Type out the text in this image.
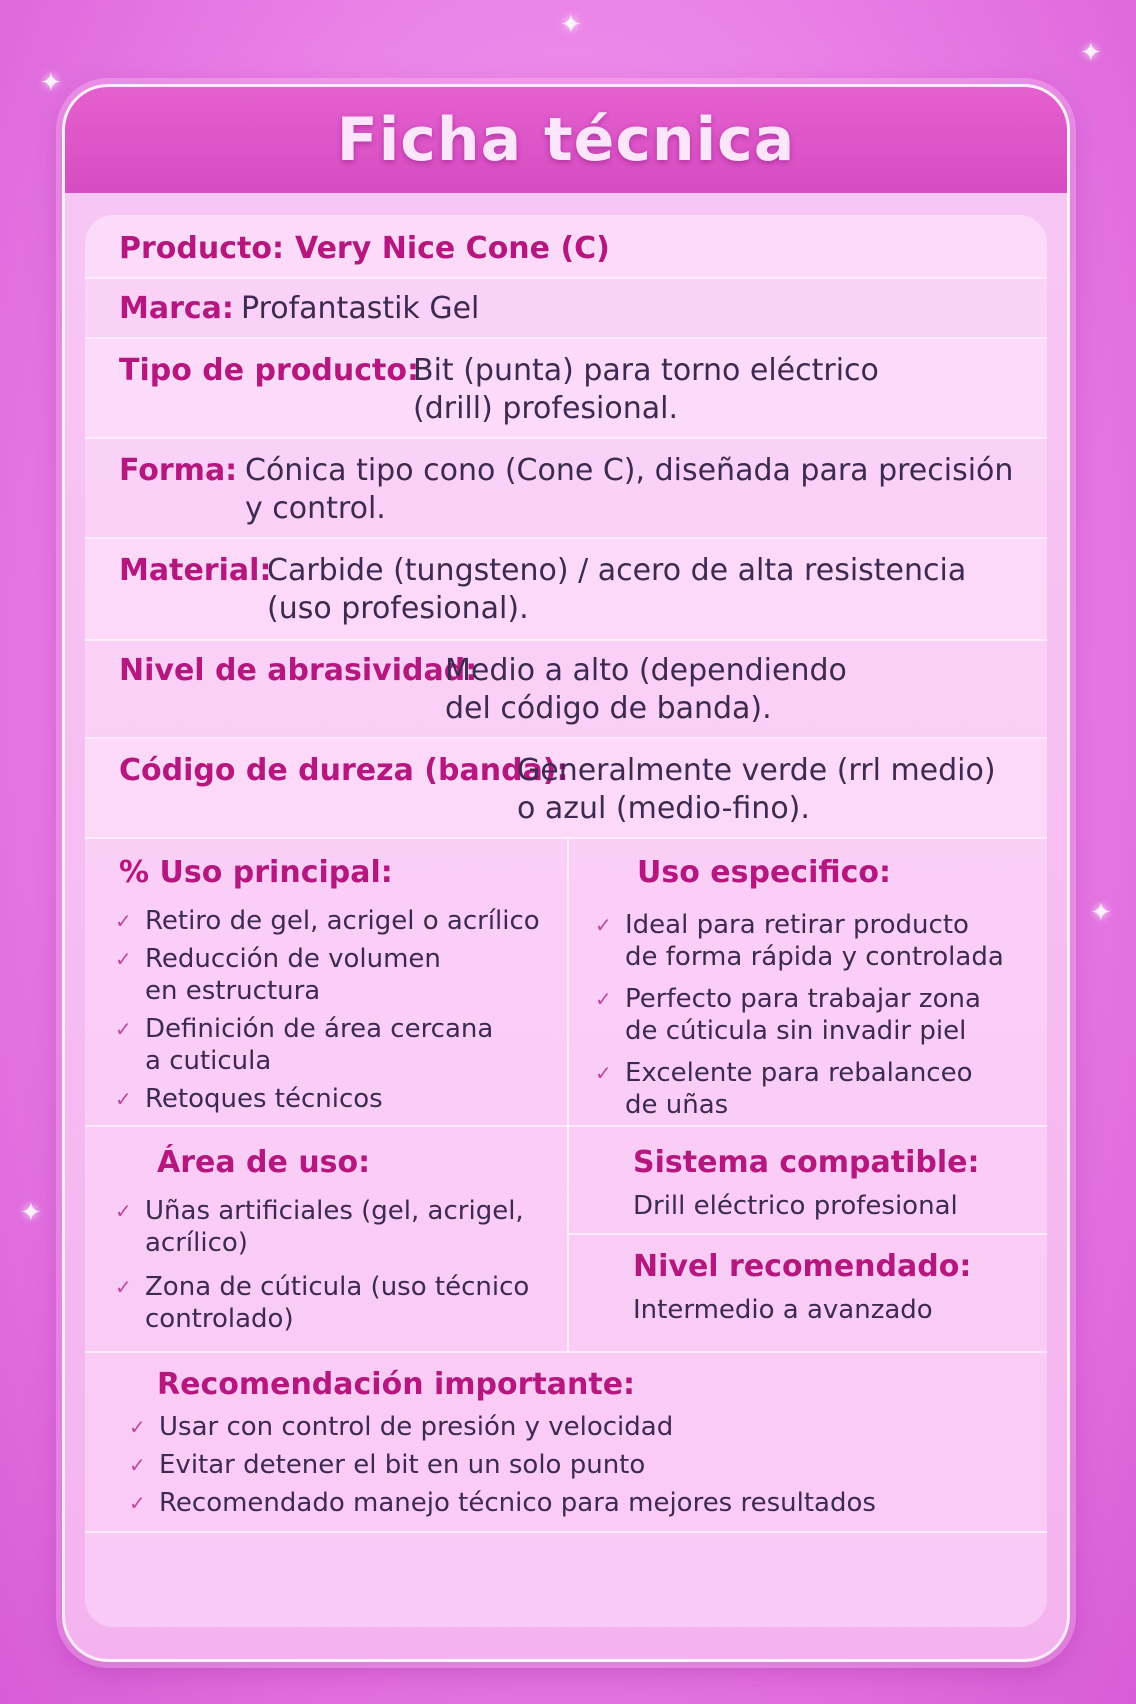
✦
✦
✦
✦
✦
Ficha técnica
Producto: Very Nice Cone (C)
Marca: Profantastik Gel
Tipo de producto:
Bit (punta) para torno eléctrico
(drill) profesional.
Forma: Cónica tipo cono (Cone C), diseñada para precisión
y control.
Material:
Carbide (tungsteno) / acero de alta resistencia
(uso profesional).
Nivel de abrasividad:
Medio a alto (dependiendo
del código de banda).
Código de dureza (banda):
Generalmente verde (rrl medio)
o azul (medio-fino).
% Uso principal:
✓ Retiro de gel, acrigel o acrílico
✓ Reducción de volumen
en estructura
✓ Definición de área cercana
a cuticula
✓ Retoques técnicos
Uso especifico:
✓ Ideal para retirar producto
de forma rápida y controlada
✓ Perfecto para trabajar zona
de cúticula sin invadir piel
✓ Excelente para rebalanceo
de uñas
Área de uso:
✓ Uñas artificiales (gel, acrigel,
acrílico)
✓ Zona de cúticula (uso técnico
controlado)
Sistema compatible:
Drill eléctrico profesional
Nivel recomendado:
Intermedio a avanzado
Recomendación importante:
✓ Usar con control de presión y velocidad
✓ Evitar detener el bit en un solo punto
✓ Recomendado manejo técnico para mejores resultados
